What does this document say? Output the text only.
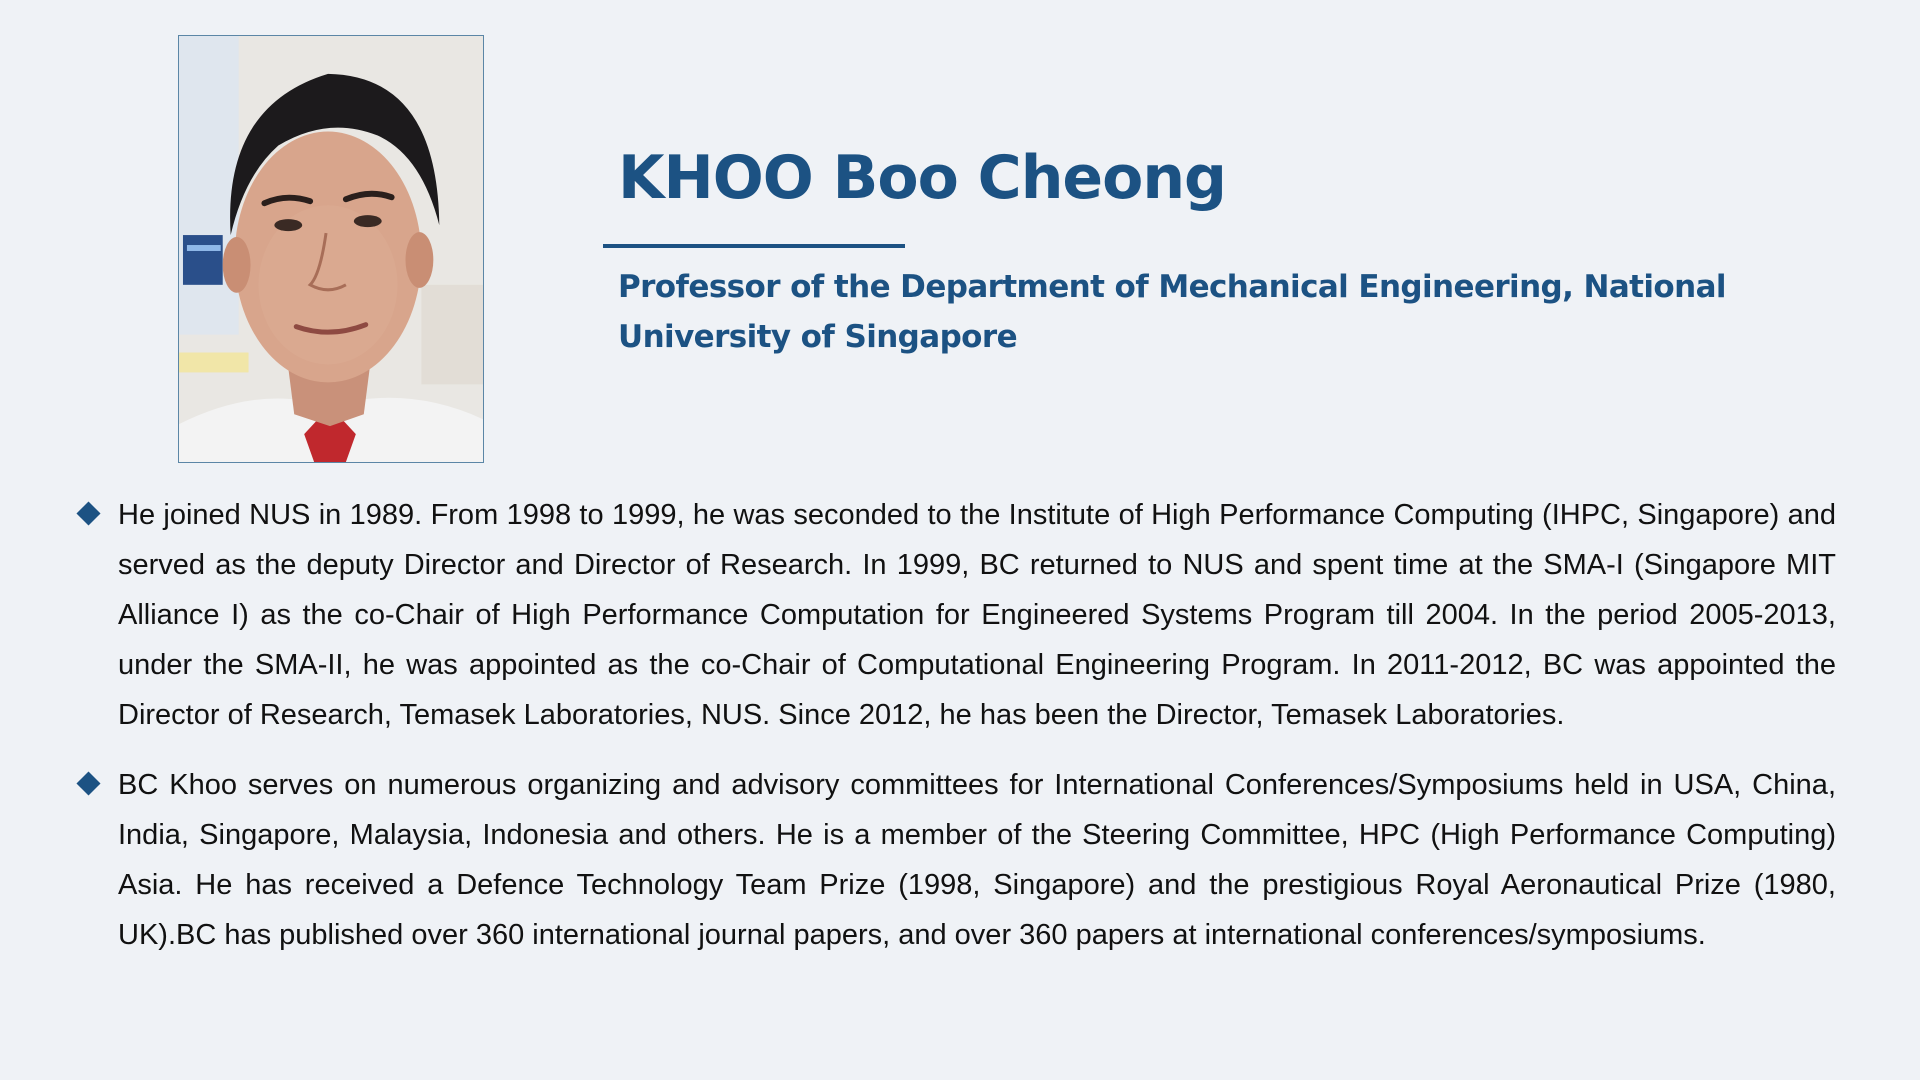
KHOO Boo Cheong

Professor of the Department of Mechanical Engineering, National University of Singapore

He joined NUS in 1989. From 1998 to 1999, he was seconded to the Institute of High Performance Computing (IHPC, Singapore) and served as the deputy Director and Director of Research. In 1999, BC returned to NUS and spent time at the SMA-I (Singapore MIT Alliance I) as the co-Chair of High Performance Computation for Engineered Systems Program till 2004. In the period 2005-2013, under the SMA-II, he was appointed as the co-Chair of Computational Engineering Program. In 2011-2012, BC was appointed the Director of Research, Temasek Laboratories, NUS. Since 2012, he has been the Director, Temasek Laboratories.
BC Khoo serves on numerous organizing and advisory committees for International Conferences/Symposiums held in USA, China, India, Singapore, Malaysia, Indonesia and others. He is a member of the Steering Committee, HPC (High Performance Computing) Asia. He has received a Defence Technology Team Prize (1998, Singapore) and the prestigious Royal Aeronautical Prize (1980, UK).BC has published over 360 international journal papers, and over 360 papers at international conferences/symposiums.
